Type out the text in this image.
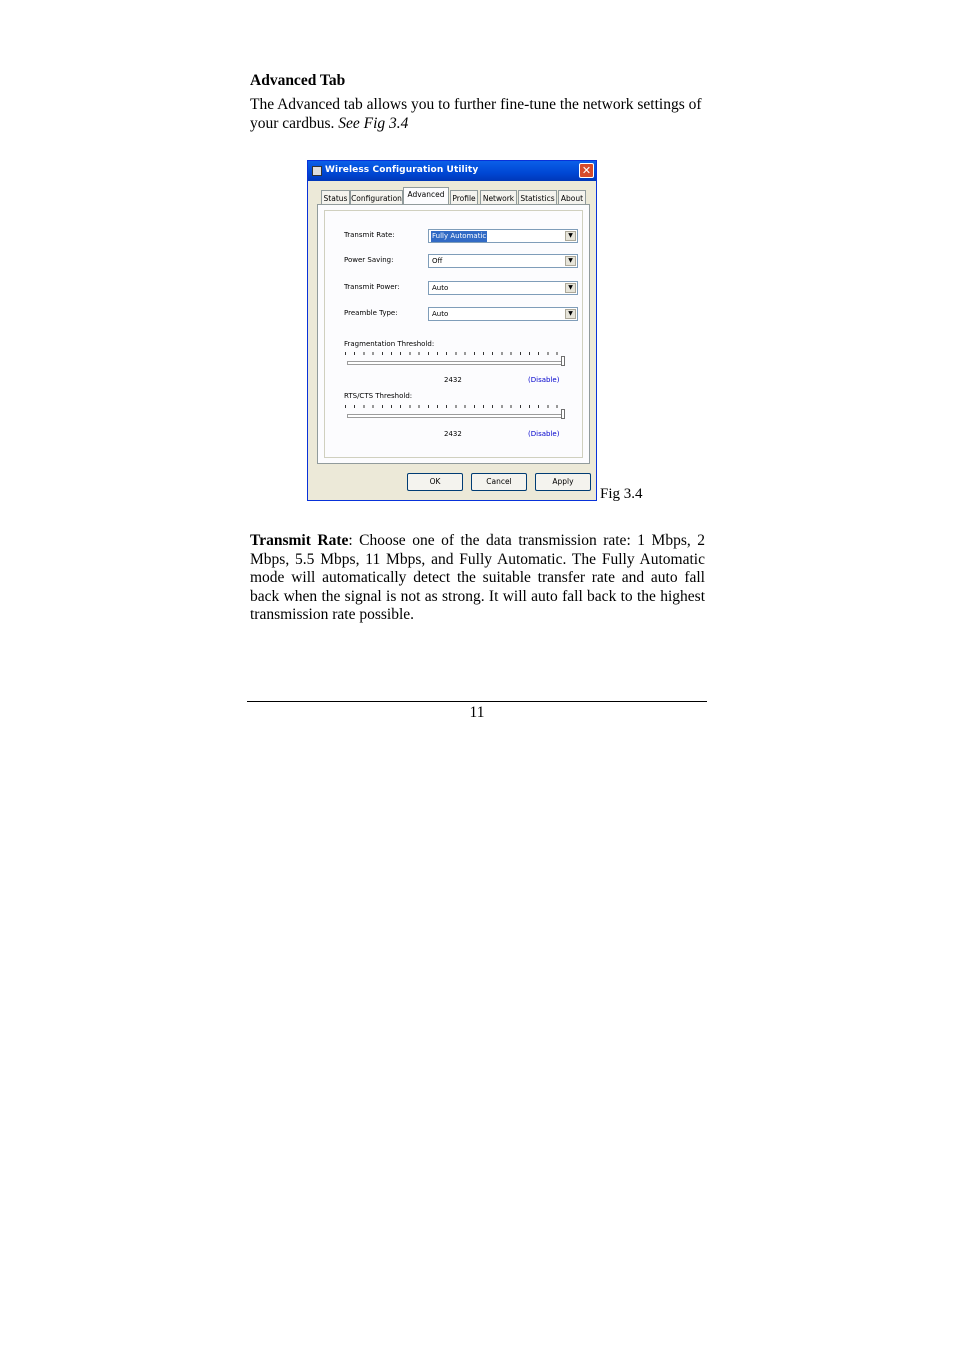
Advanced Tab
The Advanced tab allows you to further fine-tune the network settings of your cardbus. See Fig 3.4
Wireless Configuration Utility	✕
Status Configuration Advanced	Profile Network Statistics About
Transmit Rate:	Fully Automatic	▼
Power Saving:	Off	▼
Transmit Power:	Auto	▼
Preamble Type:	Auto	▼
Fragmentation Threshold:
2432	(Disable)
RTS/CTS Threshold:
2432	(Disable)
OK	Cancel	Apply
Fig 3.4
Transmit Rate: Choose one of the data transmission rate: 1 Mbps, 2 Mbps, 5.5 Mbps, 11 Mbps, and Fully Automatic. The Fully Automatic mode will automatically detect the suitable transfer rate and auto fall back when the signal is not as strong. It will auto fall back to the highest transmission rate possible.
11
